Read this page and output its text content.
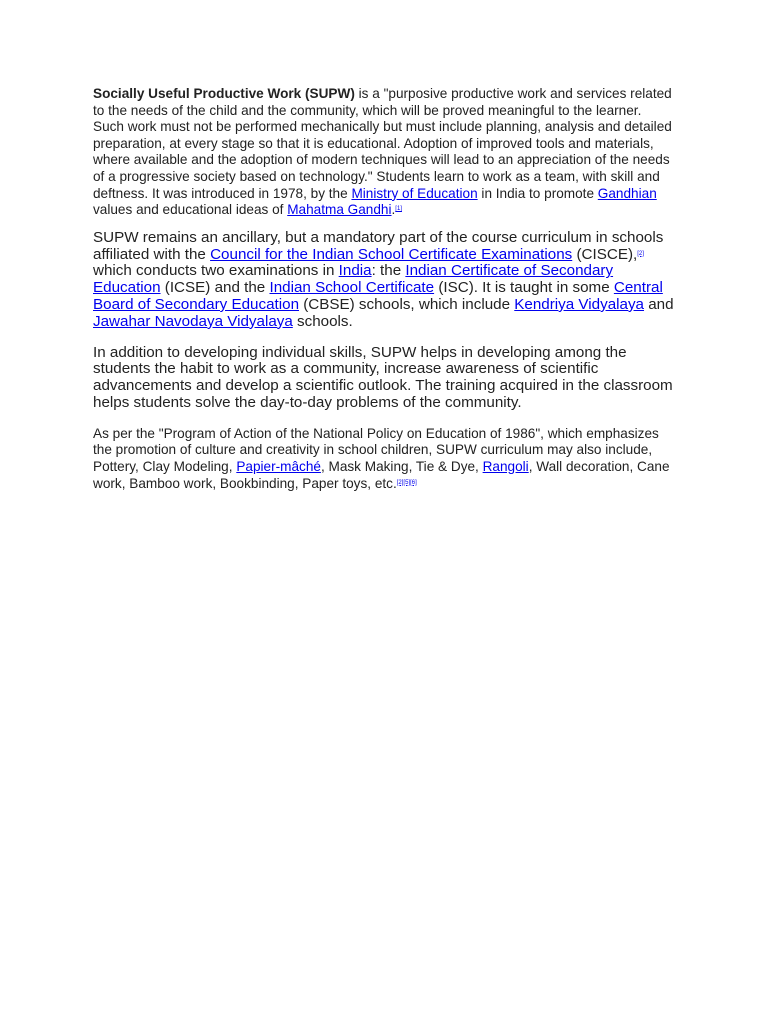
Socially Useful Productive Work (SUPW) is a "purposive productive work and services related to the needs of the child and the community, which will be proved meaningful to the learner. Such work must not be performed mechanically but must include planning, analysis and detailed preparation, at every stage so that it is educational. Adoption of improved tools and materials, where available and the adoption of modern techniques will lead to an appreciation of the needs of a progressive society based on technology." Students learn to work as a team, with skill and deftness. It was introduced in 1978, by the Ministry of Education in India to promote Gandhian values and educational ideas of Mahatma Gandhi.[1]

SUPW remains an ancillary, but a mandatory part of the course curriculum in schools affiliated with the Council for the Indian School Certificate Examinations (CISCE),[2] which conducts two examinations in India: the Indian Certificate of Secondary Education (ICSE) and the Indian School Certificate (ISC). It is taught in some Central Board of Secondary Education (CBSE) schools, which include Kendriya Vidyalaya and Jawahar Navodaya Vidyalaya schools.

In addition to developing individual skills, SUPW helps in developing among the students the habit to work as a community, increase awareness of scientific advancements and develop a scientific outlook. The training acquired in the classroom helps students solve the day-to-day problems of the community.

As per the "Program of Action of the National Policy on Education of 1986", which emphasizes the promotion of culture and creativity in school children, SUPW curriculum may also include, Pottery, Clay Modeling, Papier-mâché, Mask Making, Tie & Dye, Rangoli, Wall decoration, Cane work, Bamboo work, Bookbinding, Paper toys, etc.[2][5][6]
